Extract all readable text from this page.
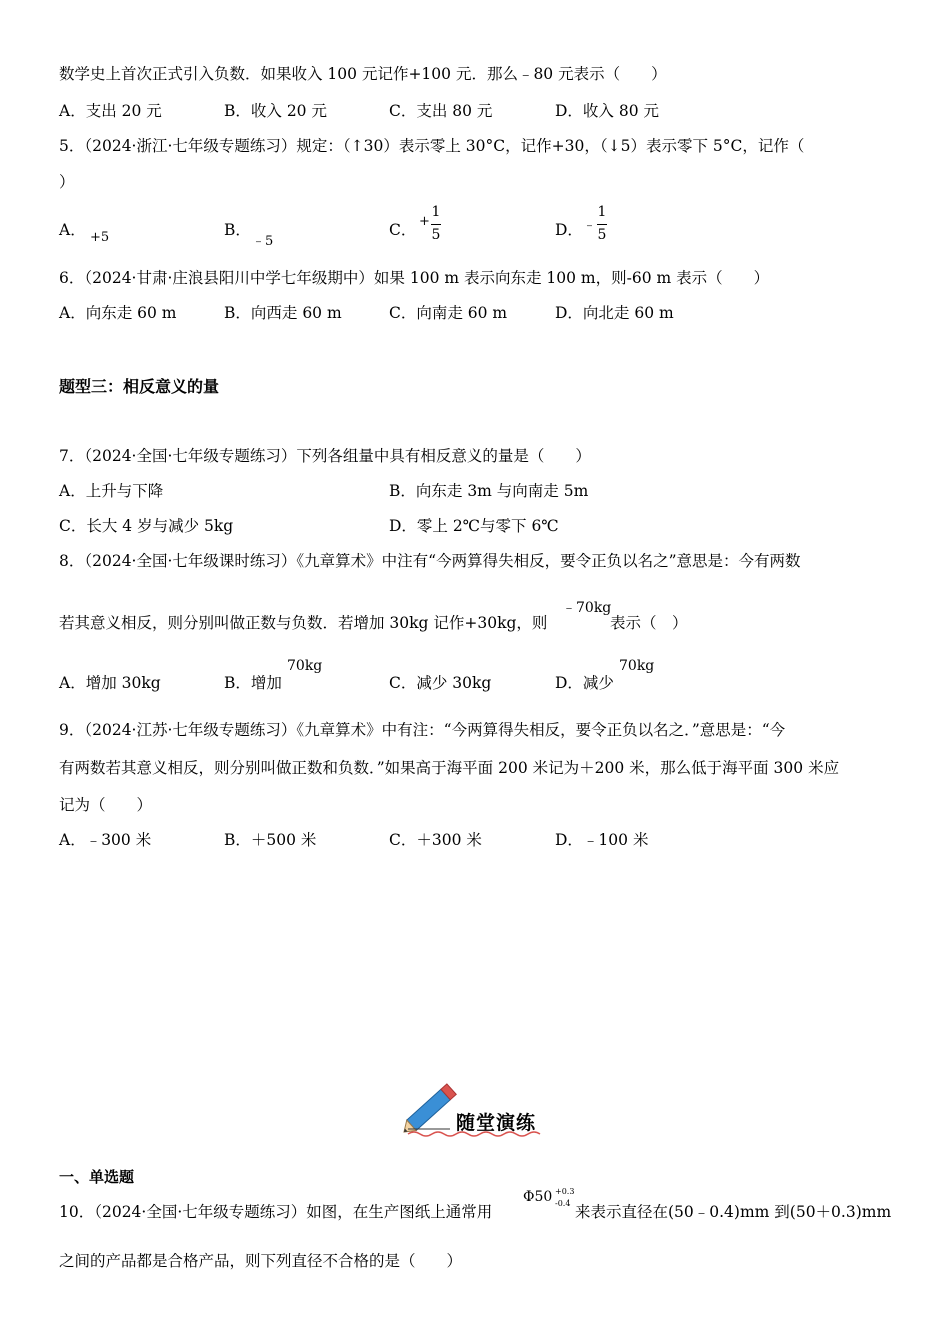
数学史上首次正式引入负数．如果收入 100 元记作+100 元．那么﹣80 元表示（　　）
A．支出 20 元	B．收入 20 元	C．支出 80 元	D．收入 80 元
5．（2024·浙江·七年级专题练习）规定：（↑30）表示零上 30°C，记作+30，（↓5）表示零下 5°C，记作（
）
A． +5	B．
﹣5
C． +
1
5	D． ﹣
1
5
6．（2024·甘肃·庄浪县阳川中学七年级期中）如果 100 m 表示向东走 100 m，则-60 m 表示（　　）
A．向东走 60 m	B．向西走 60 m	C．向南走 60 m	D．向北走 60 m
题型三：相反意义的量
7．（2024·全国·七年级专题练习）下列各组量中具有相反意义的量是（　　）
A．上升与下降	B．向东走 3m 与向南走 5m
C．长大 4 岁与减少 5kg	D．零上 2℃与零下 6℃
8．（2024·全国·七年级课时练习）《九章算术》中注有“今两算得失相反，要令正负以名之”意思是：今有两数
若其意义相反，则分别叫做正数与负数．若增加 30kg 记作+30kg，则
﹣70kg
表示（　）
A．增加 30kg	B．增加
70kg
C．减少 30kg	D．减少
70kg
9．（2024·江苏·七年级专题练习）《九章算术》中有注：“今两算得失相反，要令正负以名之．”意思是：“今
有两数若其意义相反，则分别叫做正数和负数．”如果高于海平面 200 米记为＋200 米，那么低于海平面 300 米应
记为（　　）
A．﹣300 米	B．＋500 米	C．＋300 米	D．﹣100 米
随堂演练
一、单选题
10．（2024·全国·七年级专题练习）如图，在生产图纸上通常用
Φ50 +0.3
-0.4 来表示直径在(50﹣0.4)mm 到(50＋0.3)mm
之间的产品都是合格产品，则下列直径不合格的是（　　）
